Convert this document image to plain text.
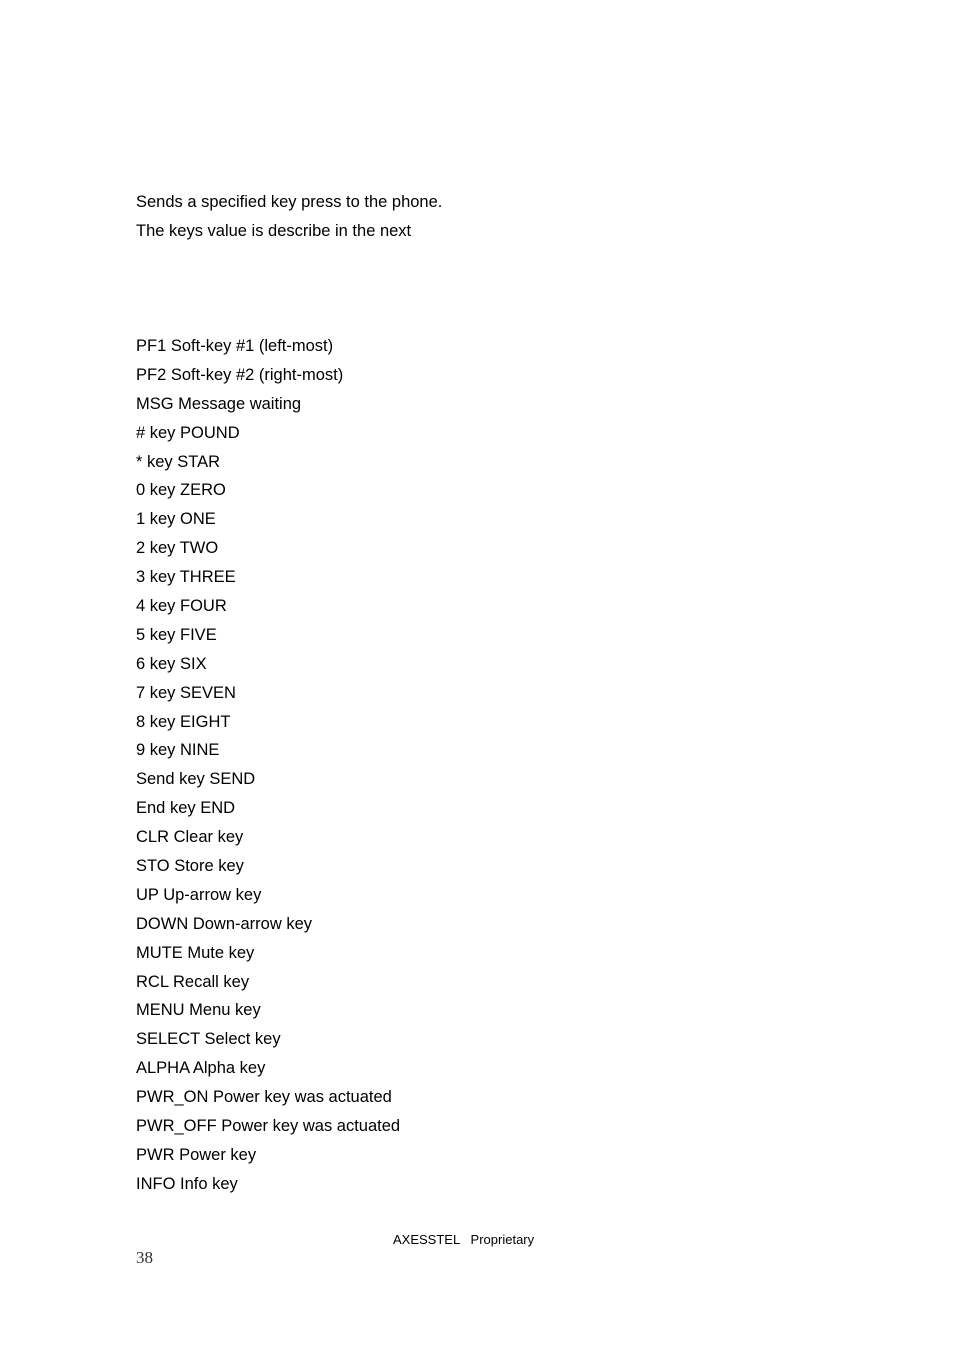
Sends a specified key press to the phone.
The keys value is describe in the next
PF1 Soft-key #1 (left-most)
PF2 Soft-key #2 (right-most)
MSG Message waiting
# key POUND
* key STAR
0 key ZERO
1 key ONE
2 key TWO
3 key THREE
4 key FOUR
5 key FIVE
6 key SIX
7 key SEVEN
8 key EIGHT
9 key NINE
Send key SEND
End key END
CLR Clear key
STO Store key
UP Up-arrow key
DOWN Down-arrow key
MUTE Mute key
RCL Recall key
MENU Menu key
SELECT Select key
ALPHA Alpha key
PWR_ON Power key was actuated
PWR_OFF Power key was actuated
PWR Power key
INFO Info key
AXESSTEL   Proprietary
38
